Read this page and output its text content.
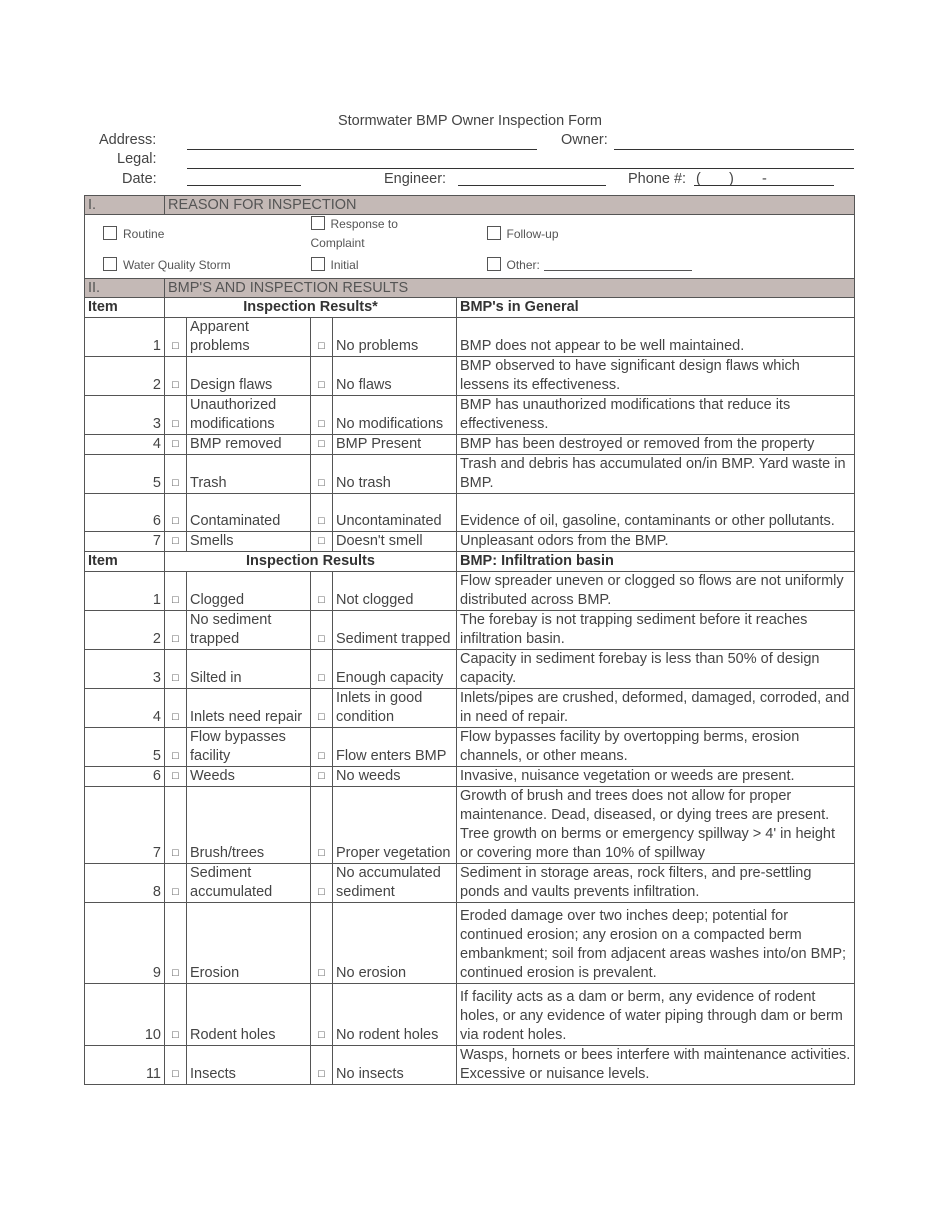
Stormwater BMP Owner Inspection Form
Address:	Owner:
Legal:
Date:	Engineer:	Phone #: (       )       -
I.	REASON FOR INSPECTION				
Routine			Response to Complaint		Follow-up
Water Quality Storm			Initial		Other:
II.	BMP'S AND INSPECTION RESULTS				
Item	Inspection Results*				BMP's in General
1	□	Apparent problems	□	No problems	BMP does not appear to be well maintained.
2	□	Design flaws	□	No flaws	BMP observed to have significant design flaws which lessens its effectiveness.
3	□	Unauthorized modifications	□	No modifications	BMP has unauthorized modifications that reduce its effectiveness.
4	□	BMP removed	□	BMP Present	BMP has been destroyed or removed from the property
5	□	Trash	□	No trash	Trash and debris has accumulated on/in BMP. Yard waste in BMP.
6	□	Contaminated	□	Uncontaminated	Evidence of oil, gasoline, contaminants or other pollutants.
7	□	Smells	□	Doesn't smell	Unpleasant odors from the BMP.
Item	Inspection Results				BMP: Infiltration basin
1	□	Clogged	□	Not clogged	Flow spreader uneven or clogged so flows are not uniformly distributed across BMP.
2	□	No sediment trapped	□	Sediment trapped	The forebay is not trapping sediment before it reaches infiltration basin.
3	□	Silted in	□	Enough capacity	Capacity in sediment forebay is less than 50% of design capacity.
4	□	Inlets need repair	□	Inlets in good condition	Inlets/pipes are crushed, deformed, damaged, corroded, and in need of repair.
5	□	Flow bypasses facility	□	Flow enters BMP	Flow bypasses facility by overtopping berms, erosion channels, or other means.
6	□	Weeds	□	No weeds	Invasive, nuisance vegetation or weeds are present.
7	□	Brush/trees	□	Proper vegetation	Growth of brush and trees does not allow for proper maintenance. Dead, diseased, or dying trees are present. Tree growth on berms or emergency spillway > 4' in height or covering more than 10% of spillway
8	□	Sediment accumulated	□	No accumulated sediment	Sediment in storage areas, rock filters, and pre-settling ponds and vaults prevents infiltration.
9	□	Erosion	□	No erosion	Eroded damage over two inches deep; potential for continued erosion; any erosion on a compacted berm embankment; soil from adjacent areas washes into/on BMP; continued erosion is prevalent.
10	□	Rodent holes	□	No rodent holes	If facility acts as a dam or berm, any evidence of rodent holes, or any evidence of water piping through dam or berm via rodent holes.
11	□	Insects	□	No insects	Wasps, hornets or bees interfere with maintenance activities. Excessive or nuisance levels.
